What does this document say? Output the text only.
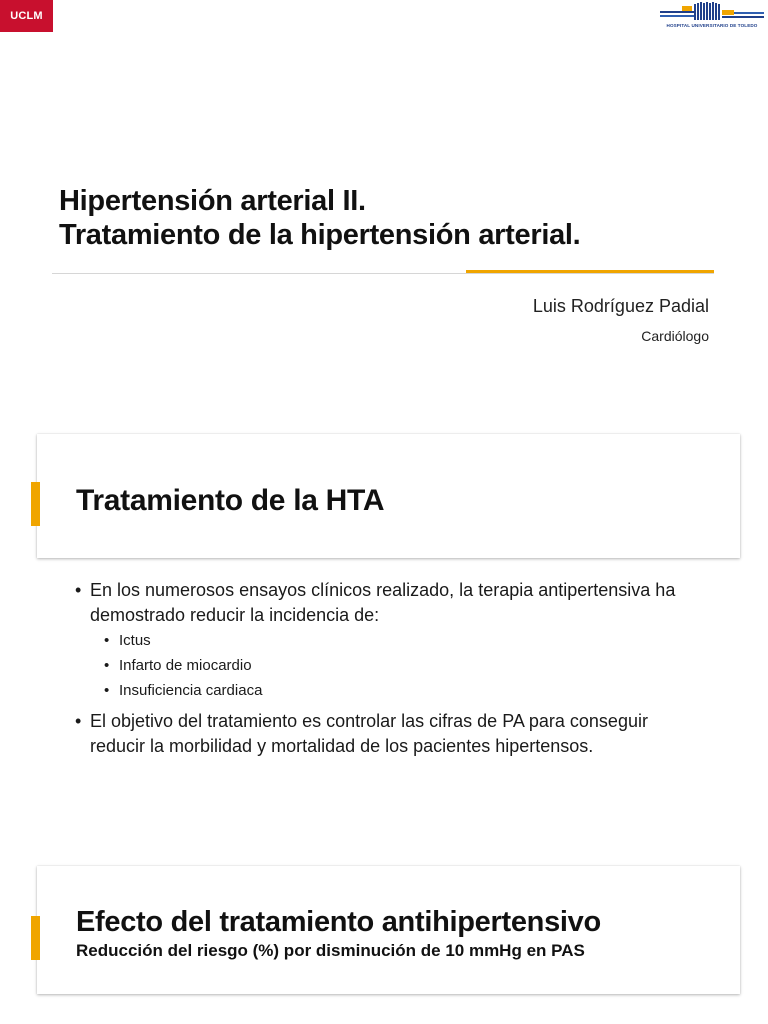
UCLM
HOSPITAL UNIVERSITARIO DE TOLEDO
Hipertensión arterial II.
Tratamiento de la hipertensión arterial.
Luis Rodríguez Padial
Cardiólogo
Tratamiento de la HTA
• En los numerosos ensayos clínicos realizado, la terapia antipertensiva ha demostrado reducir la incidencia de:
• Ictus
• Infarto de miocardio
• Insuficiencia cardiaca
• El objetivo del tratamiento es controlar las cifras de PA para conseguir reducir la morbilidad y mortalidad de los pacientes hipertensos.
Efecto del tratamiento antihipertensivo

Reducción del riesgo (%) por disminución de 10 mmHg en PAS
